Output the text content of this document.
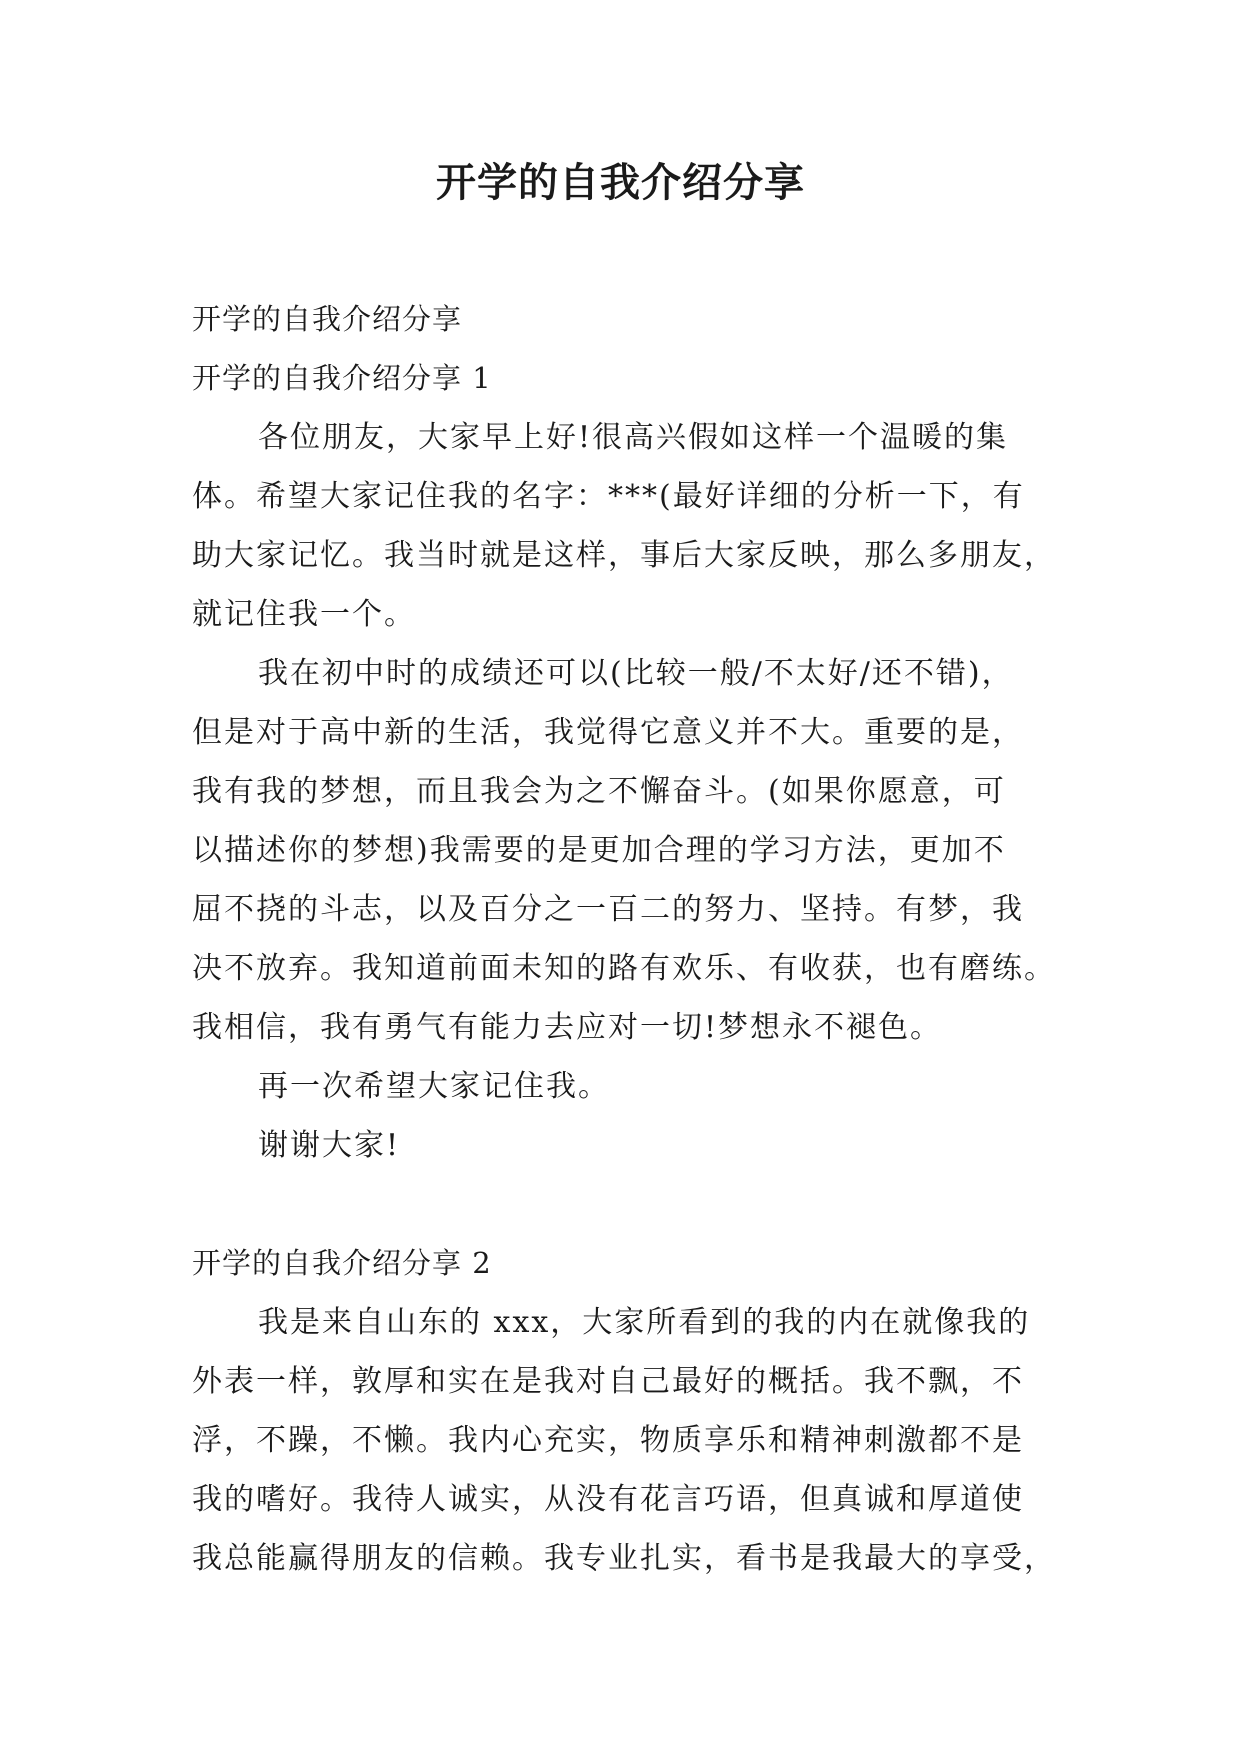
开学的自我介绍分享

开学的自我介绍分享

开学的自我介绍分享 1

各位朋友，大家早上好!很高兴假如这样一个温暖的集

体。希望大家记住我的名字：***(最好详细的分析一下，有

助大家记忆。我当时就是这样，事后大家反映，那么多朋友，

就记住我一个。

我在初中时的成绩还可以(比较一般/不太好/还不错)，

但是对于高中新的生活，我觉得它意义并不大。重要的是，

我有我的梦想，而且我会为之不懈奋斗。(如果你愿意，可

以描述你的梦想)我需要的是更加合理的学习方法，更加不

屈不挠的斗志，以及百分之一百二的努力、坚持。有梦，我

决不放弃。我知道前面未知的路有欢乐、有收获，也有磨练。

我相信，我有勇气有能力去应对一切!梦想永不褪色。

再一次希望大家记住我。

谢谢大家!

开学的自我介绍分享 2

我是来自山东的 xxx，大家所看到的我的内在就像我的

外表一样，敦厚和实在是我对自己最好的概括。我不飘，不

浮，不躁，不懒。我内心充实，物质享乐和精神刺激都不是

我的嗜好。我待人诚实，从没有花言巧语，但真诚和厚道使

我总能赢得朋友的信赖。我专业扎实，看书是我最大的享受，
